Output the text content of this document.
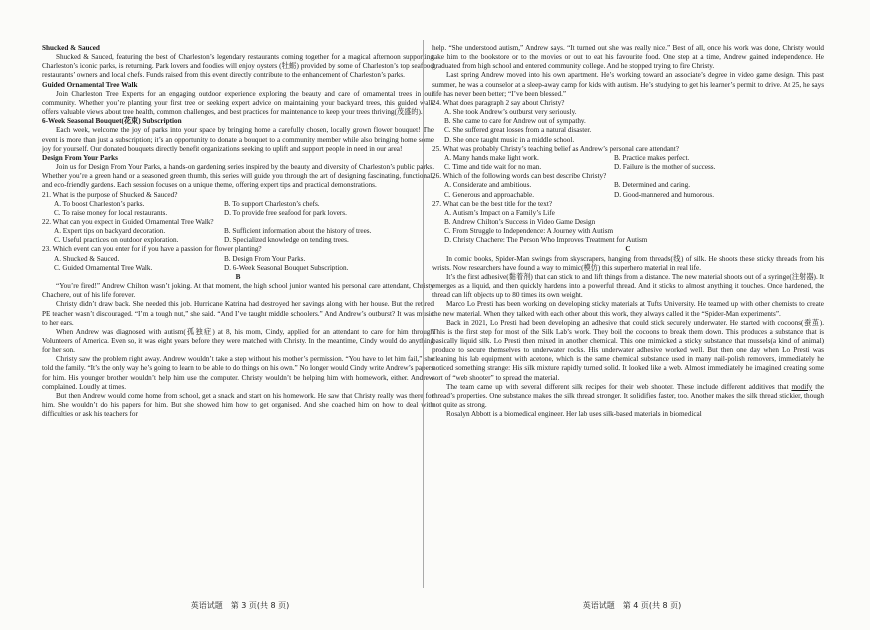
Shucked & Sauced

Shucked & Sauced, featuring the best of Charleston’s legendary restaurants coming together for a magical afternoon supporting Charleston’s iconic parks, is returning. Park lovers and foodies will enjoy oysters (牡蛎) provided by some of Charleston’s top seafood restaurants’ owners and local chefs. Funds raised from this event directly contribute to the enhancement of Charleston’s parks.

Guided Ornamental Tree Walk

Join Charleston Tree Experts for an engaging outdoor experience exploring the beauty and care of ornamental trees in our community. Whether you’re planting your first tree or seeking expert advice on maintaining your backyard trees, this guided walk offers valuable views about tree health, common challenges, and best practices for maintenance to keep your trees thriving(茂盛的).

6-Week Seasonal Bouquet(花束) Subscription

Each week, welcome the joy of parks into your space by bringing home a carefully chosen, locally grown flower bouquet! The event is more than just a subscription; it’s an opportunity to donate a bouquet to a community member while also bringing home some joy for yourself. Our donated bouquets directly benefit organizations seeking to uplift and support people in need in our area!

Design From Your Parks

Join us for Design From Your Parks, a hands-on gardening series inspired by the beauty and diversity of Charleston’s public parks. Whether you’re a green hand or a seasoned green thumb, this series will guide you through the art of designing fascinating, functional, and eco-friendly gardens. Each session focuses on a unique theme, offering expert tips and practical demonstrations.

21. What is the purpose of Shucked & Sauced?

A. To boost Charleston’s parks.	B. To support Charleston’s chefs.
C. To raise money for local restaurants.	D. To provide free seafood for park lovers.

22. What can you expect in Guided Ornamental Tree Walk?

A. Expert tips on backyard decoration.	B. Sufficient information about the history of trees.
C. Useful practices on outdoor exploration.	D. Specialized knowledge on tending trees.

23. Which event can you enter for if you have a passion for flower planting?

A. Shucked & Sauced.	B. Design From Your Parks.
C. Guided Ornamental Tree Walk.	D. 6-Week Seasonal Bouquet Subscription.

B

“You’re fired!” Andrew Chilton wasn’t joking. At that moment, the high school junior wanted his personal care attendant, Christy Chachere, out of his life forever.

Christy didn’t draw back. She needed this job. Hurricane Katrina had destroyed her savings along with her house. But the retired PE teacher wasn’t discouraged. “I’m a tough nut,” she said. “And I’ve taught middle schoolers.” And Andrew’s outburst? It was music to her ears.

When Andrew was diagnosed with autism(孤独症) at 8, his mom, Cindy, applied for an attendant to care for him through Volunteers of America. Even so, it was eight years before they were matched with Christy. In the meantime, Cindy would do anything for her son.

Christy saw the problem right away. Andrew wouldn’t take a step without his mother’s permission. “You have to let him fail,” she told the family. “It’s the only way he’s going to learn to be able to do things on his own.” No longer would Cindy write Andrew’s papers for him. His younger brother wouldn’t help him use the computer. Christy wouldn’t be helping him with homework, either. Andrew complained. Loudly at times.

But then Andrew would come home from school, get a snack and start on his homework. He saw that Christy really was there for him. She wouldn’t do his papers for him. But she showed him how to get organised. And she coached him on how to deal with difficulties or ask his teachers for

help. “She understood autism,” Andrew says. “It turned out she was really nice.” Best of all, once his work was done, Christy would take him to the bookstore or to the movies or out to eat his favourite food. One step at a time, Andrew gained independence. He graduated from high school and entered community college. And he stopped trying to fire Christy.

Last spring Andrew moved into his own apartment. He’s working toward an associate’s degree in video game design. This past summer, he was a counselor at a sleep-away camp for kids with autism. He’s studying to get his learner’s permit to drive. At 25, he says life has never been better; “I’ve been blessed.”

24. What does paragraph 2 say about Christy?

A. She took Andrew’s outburst very seriously.
B. She came to care for Andrew out of sympathy.
C. She suffered great losses from a natural disaster.
D. She once taught music in a middle school.

25. What was probably Christy’s teaching belief as Andrew’s personal care attendant?

A. Many hands make light work.	B. Practice makes perfect.
C. Time and tide wait for no man.	D. Failure is the mother of success.

26. Which of the following words can best describe Christy?

A. Considerate and ambitious.	B. Determined and caring.
C. Generous and approachable.	D. Good-mannered and humorous.

27. What can be the best title for the text?

A. Autism’s Impact on a Family’s Life
B. Andrew Chilton’s Success in Video Game Design
C. From Struggle to Independence: A Journey with Autism
D. Christy Chachere: The Person Who Improves Treatment for Autism

C

In comic books, Spider-Man swings from skyscrapers, hanging from threads(线) of silk. He shoots these sticky threads from his wrists. Now researchers have found a way to mimic(模仿) this superhero material in real life.

It’s the first adhesive(黏着剂) that can stick to and lift things from a distance. The new material shoots out of a syringe(注射器). It emerges as a liquid, and then quickly hardens into a powerful thread. And it sticks to almost anything it touches. Once hardened, the thread can lift objects up to 80 times its own weight.

Marco Lo Presti has been working on developing sticky materials at Tufts University. He teamed up with other chemists to create the new material. When they talked with each other about this work, they always called it the “Spider-Man experiments”.

Back in 2021, Lo Presti had been developing an adhesive that could stick securely underwater. He started with cocoons(蚕茧). This is the first step for most of the Silk Lab’s work. They boil the cocoons to break them down. This produces a substance that is basically liquid silk. Lo Presti then mixed in another chemical. This one mimicked a sticky substance that mussels(a kind of animal) produce to secure themselves to underwater rocks. His underwater adhesive worked well. But then one day when Lo Presti was cleaning his lab equipment with acetone, which is the same chemical substance used in many nail-polish removers, immediately he noticed something strange: His silk mixture rapidly turned solid. It looked like a web. Almost immediately he imagined creating some sort of “web shooter” to spread the material.

The team came up with several different silk recipes for their web shooter. These include different additives that modify the thread’s properties. One substance makes the silk thread stronger. It solidifies faster, too. Another makes the silk thread stickier, though not quite as strong.

Rosalyn Abbott is a biomedical engineer. Her lab uses silk-based materials in biomedical

英语试题　第 3 页(共 8 页)	英语试题　第 4 页(共 8 页)
